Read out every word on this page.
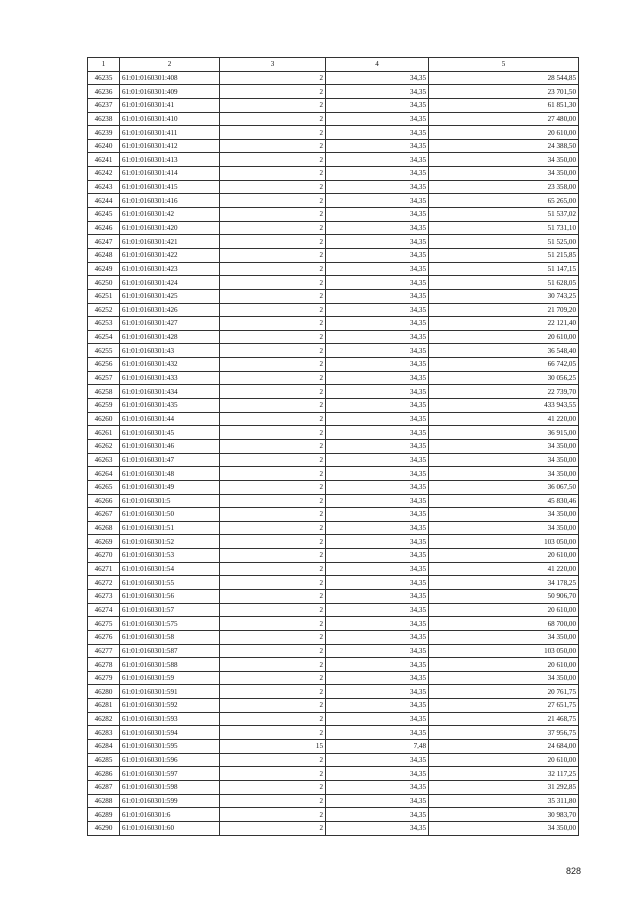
1	2	3	4	5
46235	61:01:0160301:408	2	34,35	28 544,85
46236	61:01:0160301:409	2	34,35	23 701,50
46237	61:01:0160301:41	2	34,35	61 851,30
46238	61:01:0160301:410	2	34,35	27 480,00
46239	61:01:0160301:411	2	34,35	20 610,00
46240	61:01:0160301:412	2	34,35	24 388,50
46241	61:01:0160301:413	2	34,35	34 350,00
46242	61:01:0160301:414	2	34,35	34 350,00
46243	61:01:0160301:415	2	34,35	23 358,00
46244	61:01:0160301:416	2	34,35	65 265,00
46245	61:01:0160301:42	2	34,35	51 537,02
46246	61:01:0160301:420	2	34,35	51 731,10
46247	61:01:0160301:421	2	34,35	51 525,00
46248	61:01:0160301:422	2	34,35	51 215,85
46249	61:01:0160301:423	2	34,35	51 147,15
46250	61:01:0160301:424	2	34,35	51 628,05
46251	61:01:0160301:425	2	34,35	30 743,25
46252	61:01:0160301:426	2	34,35	21 709,20
46253	61:01:0160301:427	2	34,35	22 121,40
46254	61:01:0160301:428	2	34,35	20 610,00
46255	61:01:0160301:43	2	34,35	36 548,40
46256	61:01:0160301:432	2	34,35	66 742,05
46257	61:01:0160301:433	2	34,35	30 056,25
46258	61:01:0160301:434	2	34,35	22 739,70
46259	61:01:0160301:435	2	34,35	433 943,55
46260	61:01:0160301:44	2	34,35	41 220,00
46261	61:01:0160301:45	2	34,35	36 915,00
46262	61:01:0160301:46	2	34,35	34 350,00
46263	61:01:0160301:47	2	34,35	34 350,00
46264	61:01:0160301:48	2	34,35	34 350,00
46265	61:01:0160301:49	2	34,35	36 067,50
46266	61:01:0160301:5	2	34,35	45 830,46
46267	61:01:0160301:50	2	34,35	34 350,00
46268	61:01:0160301:51	2	34,35	34 350,00
46269	61:01:0160301:52	2	34,35	103 050,00
46270	61:01:0160301:53	2	34,35	20 610,00
46271	61:01:0160301:54	2	34,35	41 220,00
46272	61:01:0160301:55	2	34,35	34 178,25
46273	61:01:0160301:56	2	34,35	50 906,70
46274	61:01:0160301:57	2	34,35	20 610,00
46275	61:01:0160301:575	2	34,35	68 700,00
46276	61:01:0160301:58	2	34,35	34 350,00
46277	61:01:0160301:587	2	34,35	103 050,00
46278	61:01:0160301:588	2	34,35	20 610,00
46279	61:01:0160301:59	2	34,35	34 350,00
46280	61:01:0160301:591	2	34,35	20 761,75
46281	61:01:0160301:592	2	34,35	27 651,75
46282	61:01:0160301:593	2	34,35	21 468,75
46283	61:01:0160301:594	2	34,35	37 956,75
46284	61:01:0160301:595	15	7,48	24 684,00
46285	61:01:0160301:596	2	34,35	20 610,00
46286	61:01:0160301:597	2	34,35	32 117,25
46287	61:01:0160301:598	2	34,35	31 292,85
46288	61:01:0160301:599	2	34,35	35 311,80
46289	61:01:0160301:6	2	34,35	30 983,70
46290	61:01:0160301:60	2	34,35	34 350,00
828
